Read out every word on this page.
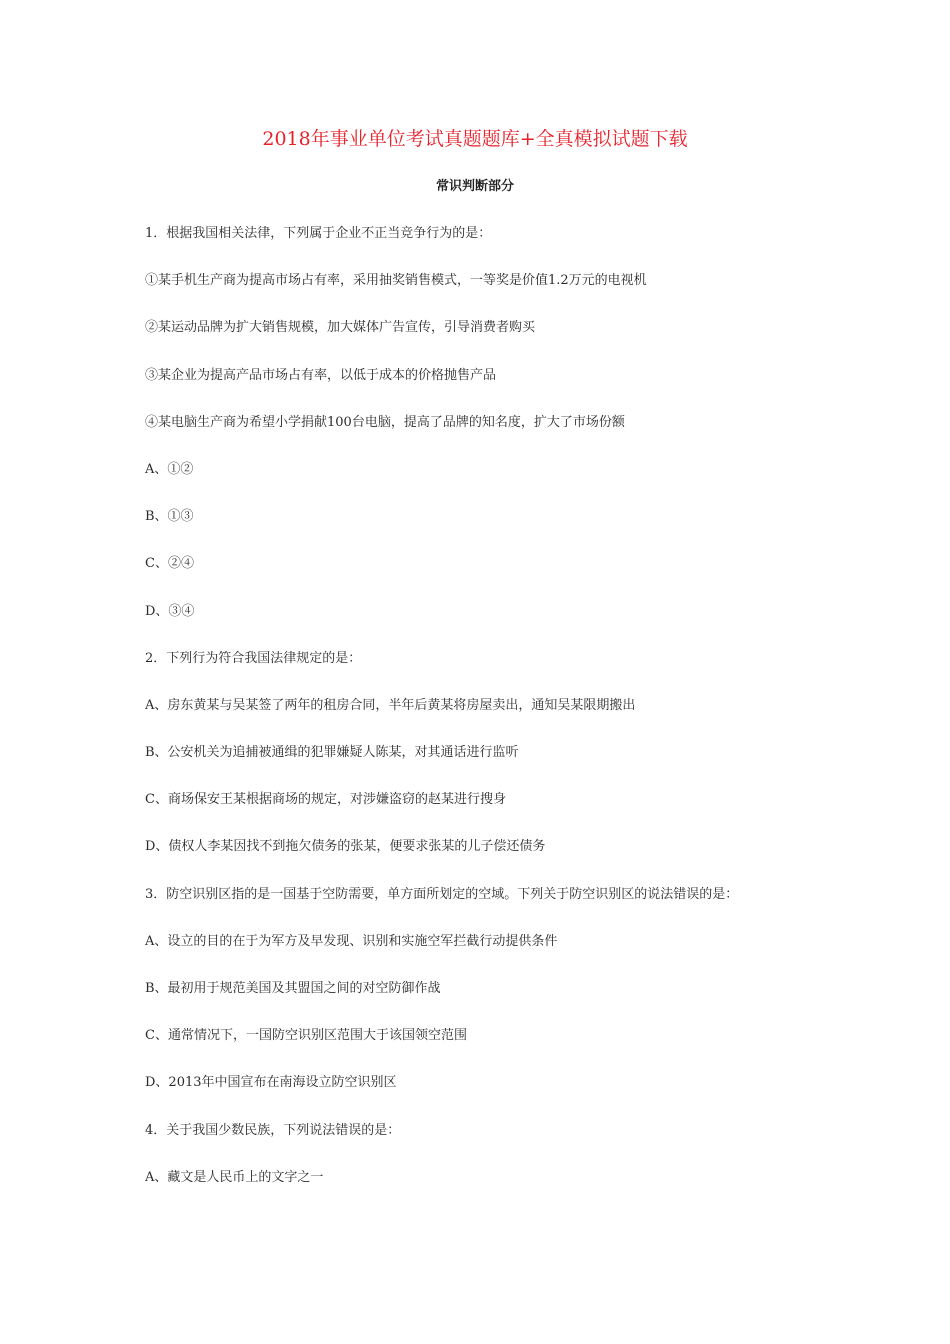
2018年事业单位考试真题题库+全真模拟试题下载
常识判断部分
1．根据我国相关法律，下列属于企业不正当竞争行为的是：
①某手机生产商为提高市场占有率，采用抽奖销售模式，一等奖是价值1.2万元的电视机
②某运动品牌为扩大销售规模，加大媒体广告宣传，引导消费者购买
③某企业为提高产品市场占有率，以低于成本的价格抛售产品
④某电脑生产商为希望小学捐献100台电脑，提高了品牌的知名度，扩大了市场份额
A、①②
B、①③
C、②④
D、③④
2．下列行为符合我国法律规定的是：
A、房东黄某与吴某签了两年的租房合同，半年后黄某将房屋卖出，通知吴某限期搬出
B、公安机关为追捕被通缉的犯罪嫌疑人陈某，对其通话进行监听
C、商场保安王某根据商场的规定，对涉嫌盗窃的赵某进行搜身
D、债权人李某因找不到拖欠债务的张某，便要求张某的儿子偿还债务
3．防空识别区指的是一国基于空防需要，单方面所划定的空域。下列关于防空识别区的说法错误的是：
A、设立的目的在于为军方及早发现、识别和实施空军拦截行动提供条件
B、最初用于规范美国及其盟国之间的对空防御作战
C、通常情况下，一国防空识别区范围大于该国领空范围
D、2013年中国宣布在南海设立防空识别区
4．关于我国少数民族，下列说法错误的是：
A、藏文是人民币上的文字之一
